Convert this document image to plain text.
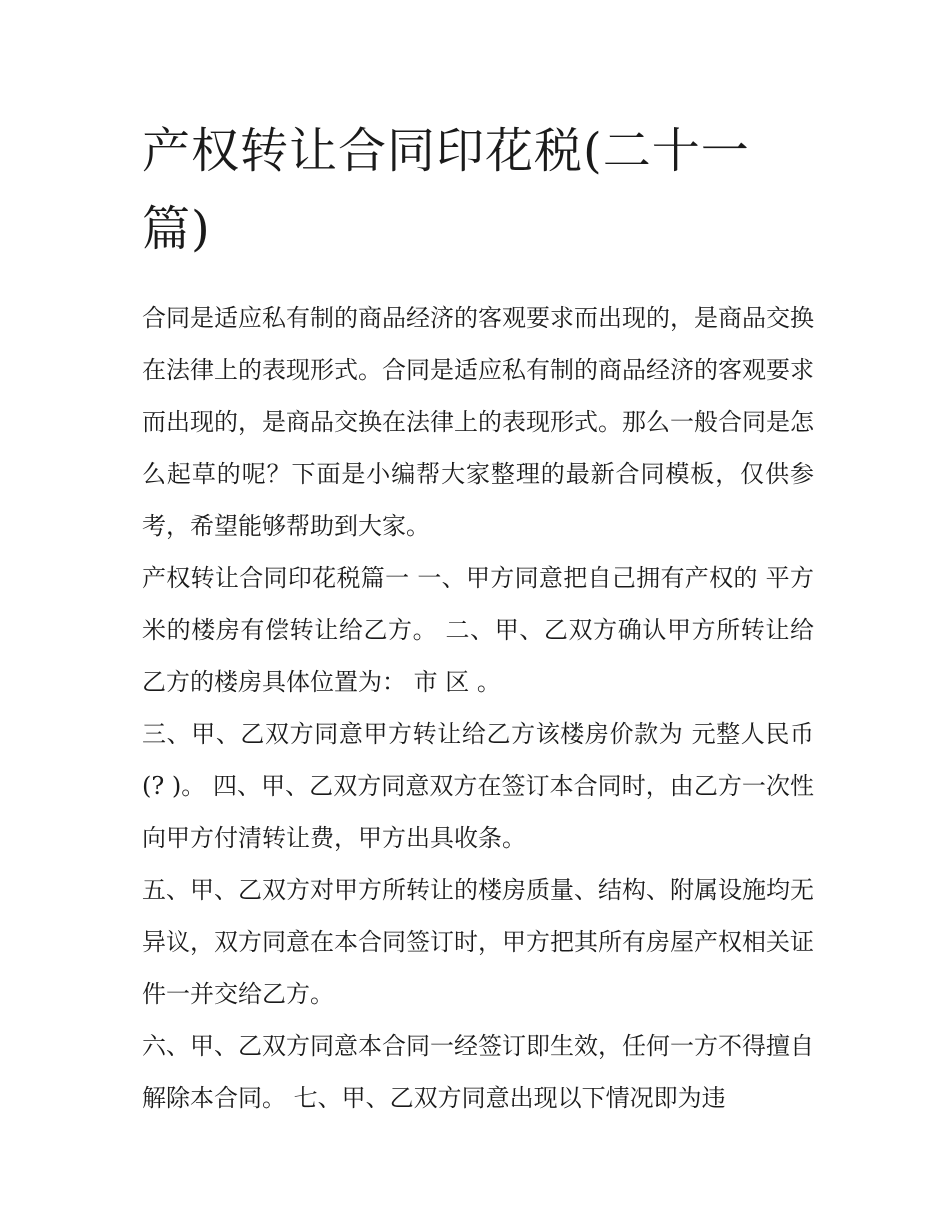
产权转让合同印花税(二十一篇)

合同是适应私有制的商品经济的客观要求而出现的，是商品交换在法律上的表现形式。合同是适应私有制的商品经济的客观要求而出现的，是商品交换在法律上的表现形式。那么一般合同是怎么起草的呢？下面是小编帮大家整理的最新合同模板，仅供参考，希望能够帮助到大家。

产权转让合同印花税篇一 一、甲方同意把自己拥有产权的 平方米的楼房有偿转让给乙方。 二、甲、乙双方确认甲方所转让给乙方的楼房具体位置为： 市 区 。

三、甲、乙双方同意甲方转让给乙方该楼房价款为 元整人民币(? )。 四、甲、乙双方同意双方在签订本合同时，由乙方一次性向甲方付清转让费，甲方出具收条。

五、甲、乙双方对甲方所转让的楼房质量、结构、附属设施均无异议，双方同意在本合同签订时，甲方把其所有房屋产权相关证件一并交给乙方。

六、甲、乙双方同意本合同一经签订即生效，任何一方不得擅自解除本合同。 七、甲、乙双方同意出现以下情况即为违
